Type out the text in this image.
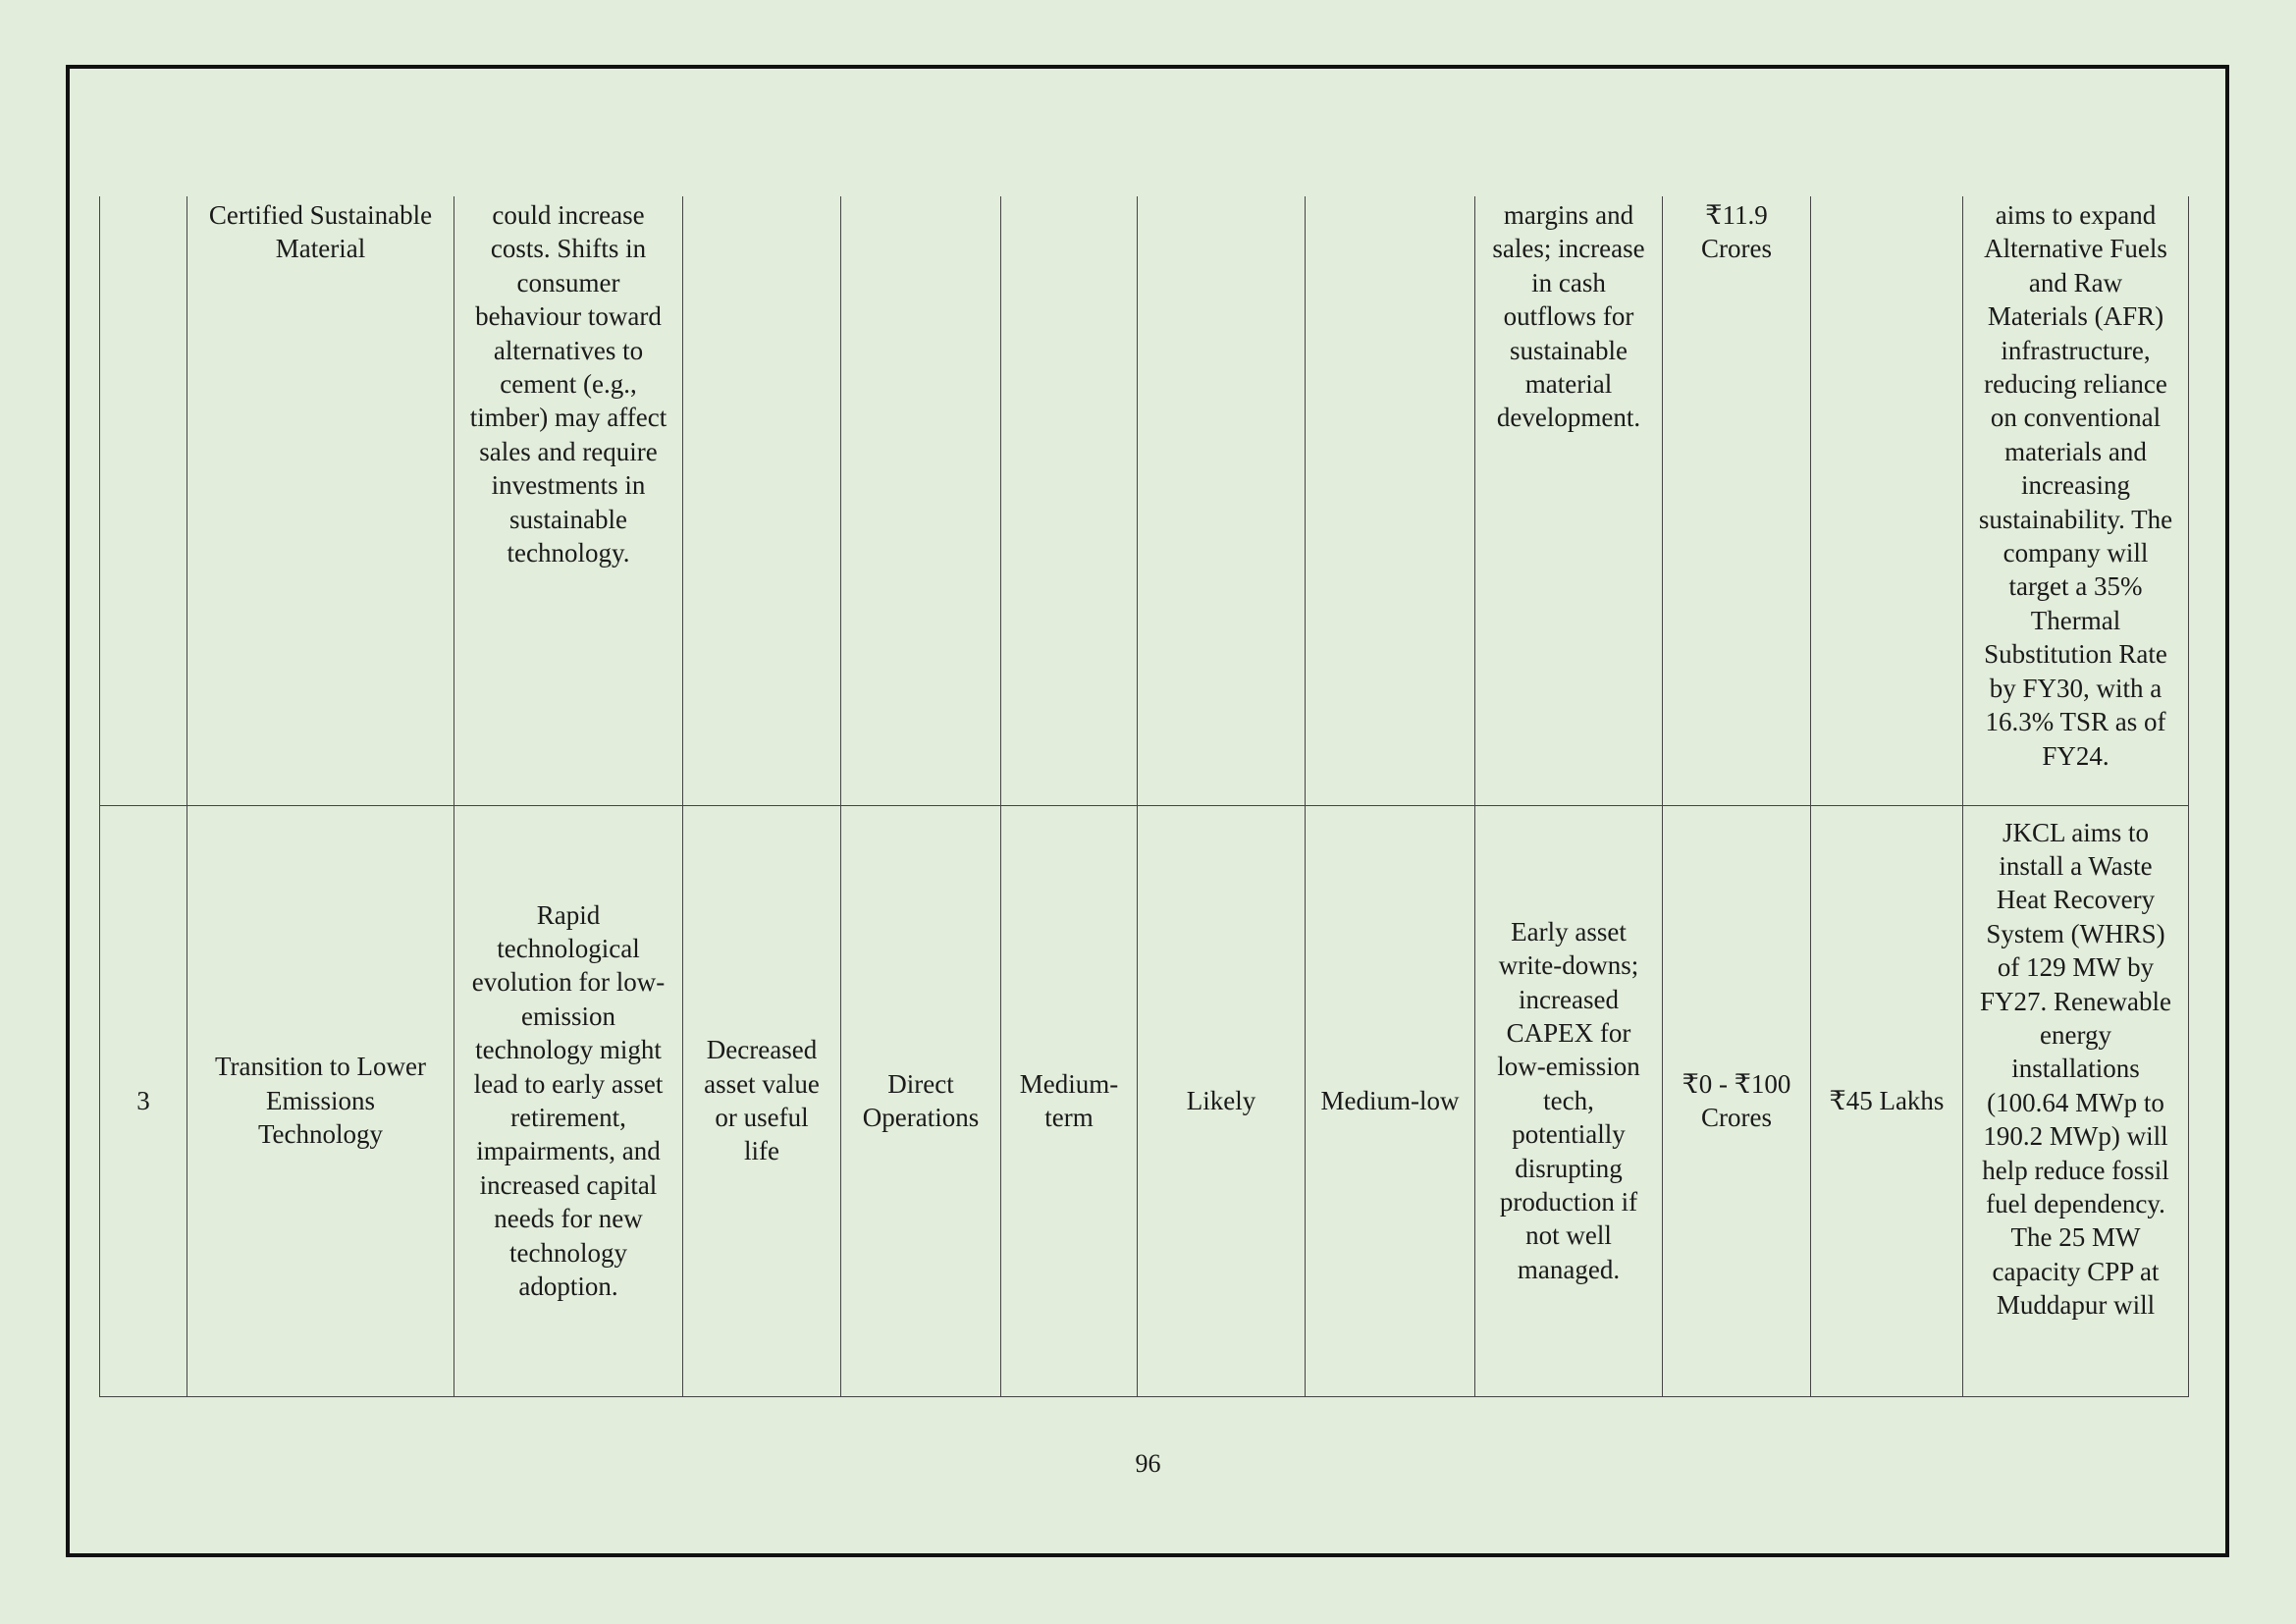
	Certified Sustainable Material	could increase costs. Shifts in consumer behaviour toward alternatives to cement (e.g., timber) may affect sales and require investments in sustainable technology.						margins and sales; increase in cash outflows for sustainable material development.	₹11.9 Crores		aims to expand Alternative Fuels and Raw Materials (AFR) infrastructure, reducing reliance on conventional materials and increasing sustainability. The company will target a 35% Thermal Substitution Rate by FY30, with a 16.3% TSR as of FY24.
3	Transition to Lower Emissions Technology	Rapid technological evolution for low-emission technology might lead to early asset retirement, impairments, and increased capital needs for new technology adoption.	Decreased asset value or useful life	Direct Operations	Medium-term	Likely	Medium-low	Early asset write-downs; increased CAPEX for low-emission tech, potentially disrupting production if not well managed.	₹0 - ₹100 Crores	₹45 Lakhs	JKCL aims to install a Waste Heat Recovery System (WHRS) of 129 MW by FY27. Renewable energy installations (100.64 MWp to 190.2 MWp) will help reduce fossil fuel dependency. The 25 MW capacity CPP at Muddapur will
96
